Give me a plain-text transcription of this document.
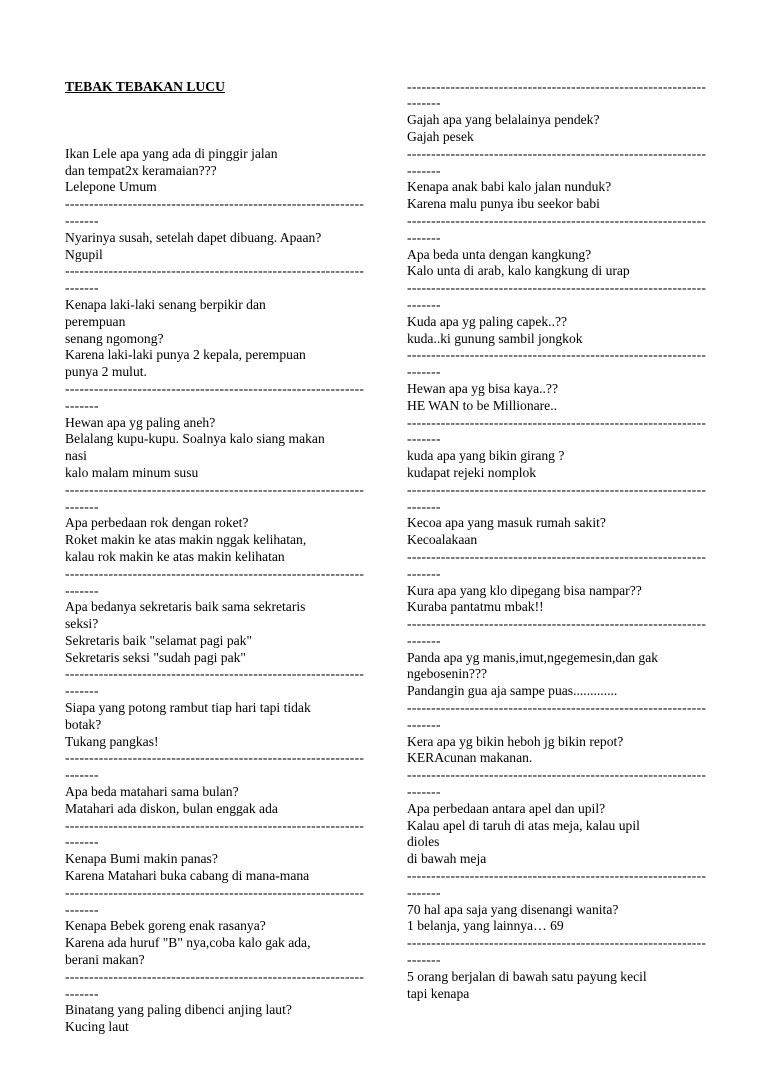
TEBAK TEBAKAN LUCU

Ikan Lele apa yang ada di pinggir jalan
dan tempat2x keramaian???
Lelepone Umum
--------------------------------------------------------------
-------
Nyarinya susah, setelah dapet dibuang. Apaan?
Ngupil
--------------------------------------------------------------
-------
Kenapa laki-laki senang berpikir dan
perempuan
senang ngomong?
Karena laki-laki punya 2 kepala, perempuan
punya 2 mulut.
--------------------------------------------------------------
-------
Hewan apa yg paling aneh?
Belalang kupu-kupu. Soalnya kalo siang makan
nasi
kalo malam minum susu
--------------------------------------------------------------
-------
Apa perbedaan rok dengan roket?
Roket makin ke atas makin nggak kelihatan,
kalau rok makin ke atas makin kelihatan
--------------------------------------------------------------
-------
Apa bedanya sekretaris baik sama sekretaris
seksi?
Sekretaris baik "selamat pagi pak"
Sekretaris seksi "sudah pagi pak"
--------------------------------------------------------------
-------
Siapa yang potong rambut tiap hari tapi tidak
botak?
Tukang pangkas!
--------------------------------------------------------------
-------
Apa beda matahari sama bulan?
Matahari ada diskon, bulan enggak ada
--------------------------------------------------------------
-------
Kenapa Bumi makin panas?
Karena Matahari buka cabang di mana-mana
--------------------------------------------------------------
-------
Kenapa Bebek goreng enak rasanya?
Karena ada huruf "B" nya,coba kalo gak ada,
berani makan?
--------------------------------------------------------------
-------
Binatang yang paling dibenci anjing laut?
Kucing laut

--------------------------------------------------------------
-------
Gajah apa yang belalainya pendek?
Gajah pesek
--------------------------------------------------------------
-------
Kenapa anak babi kalo jalan nunduk?
Karena malu punya ibu seekor babi
--------------------------------------------------------------
-------
Apa beda unta dengan kangkung?
Kalo unta di arab, kalo kangkung di urap
--------------------------------------------------------------
-------
Kuda apa yg paling capek..??
kuda..ki gunung sambil jongkok
--------------------------------------------------------------
-------
Hewan apa yg bisa kaya..??
HE WAN to be Millionare..
--------------------------------------------------------------
-------
kuda apa yang bikin girang ?
kudapat rejeki nomplok
--------------------------------------------------------------
-------
Kecoa apa yang masuk rumah sakit?
Kecoalakaan
--------------------------------------------------------------
-------
Kura apa yang klo dipegang bisa nampar??
Kuraba pantatmu mbak!!
--------------------------------------------------------------
-------
Panda apa yg manis,imut,ngegemesin,dan gak
ngebosenin???
Pandangin gua aja sampe puas.............
--------------------------------------------------------------
-------
Kera apa yg bikin heboh jg bikin repot?
KERAcunan makanan.
--------------------------------------------------------------
-------
Apa perbedaan antara apel dan upil?
Kalau apel di taruh di atas meja, kalau upil
dioles
di bawah meja
--------------------------------------------------------------
-------
70 hal apa saja yang disenangi wanita?
1 belanja, yang lainnya… 69
--------------------------------------------------------------
-------
5 orang berjalan di bawah satu payung kecil
tapi kenapa
